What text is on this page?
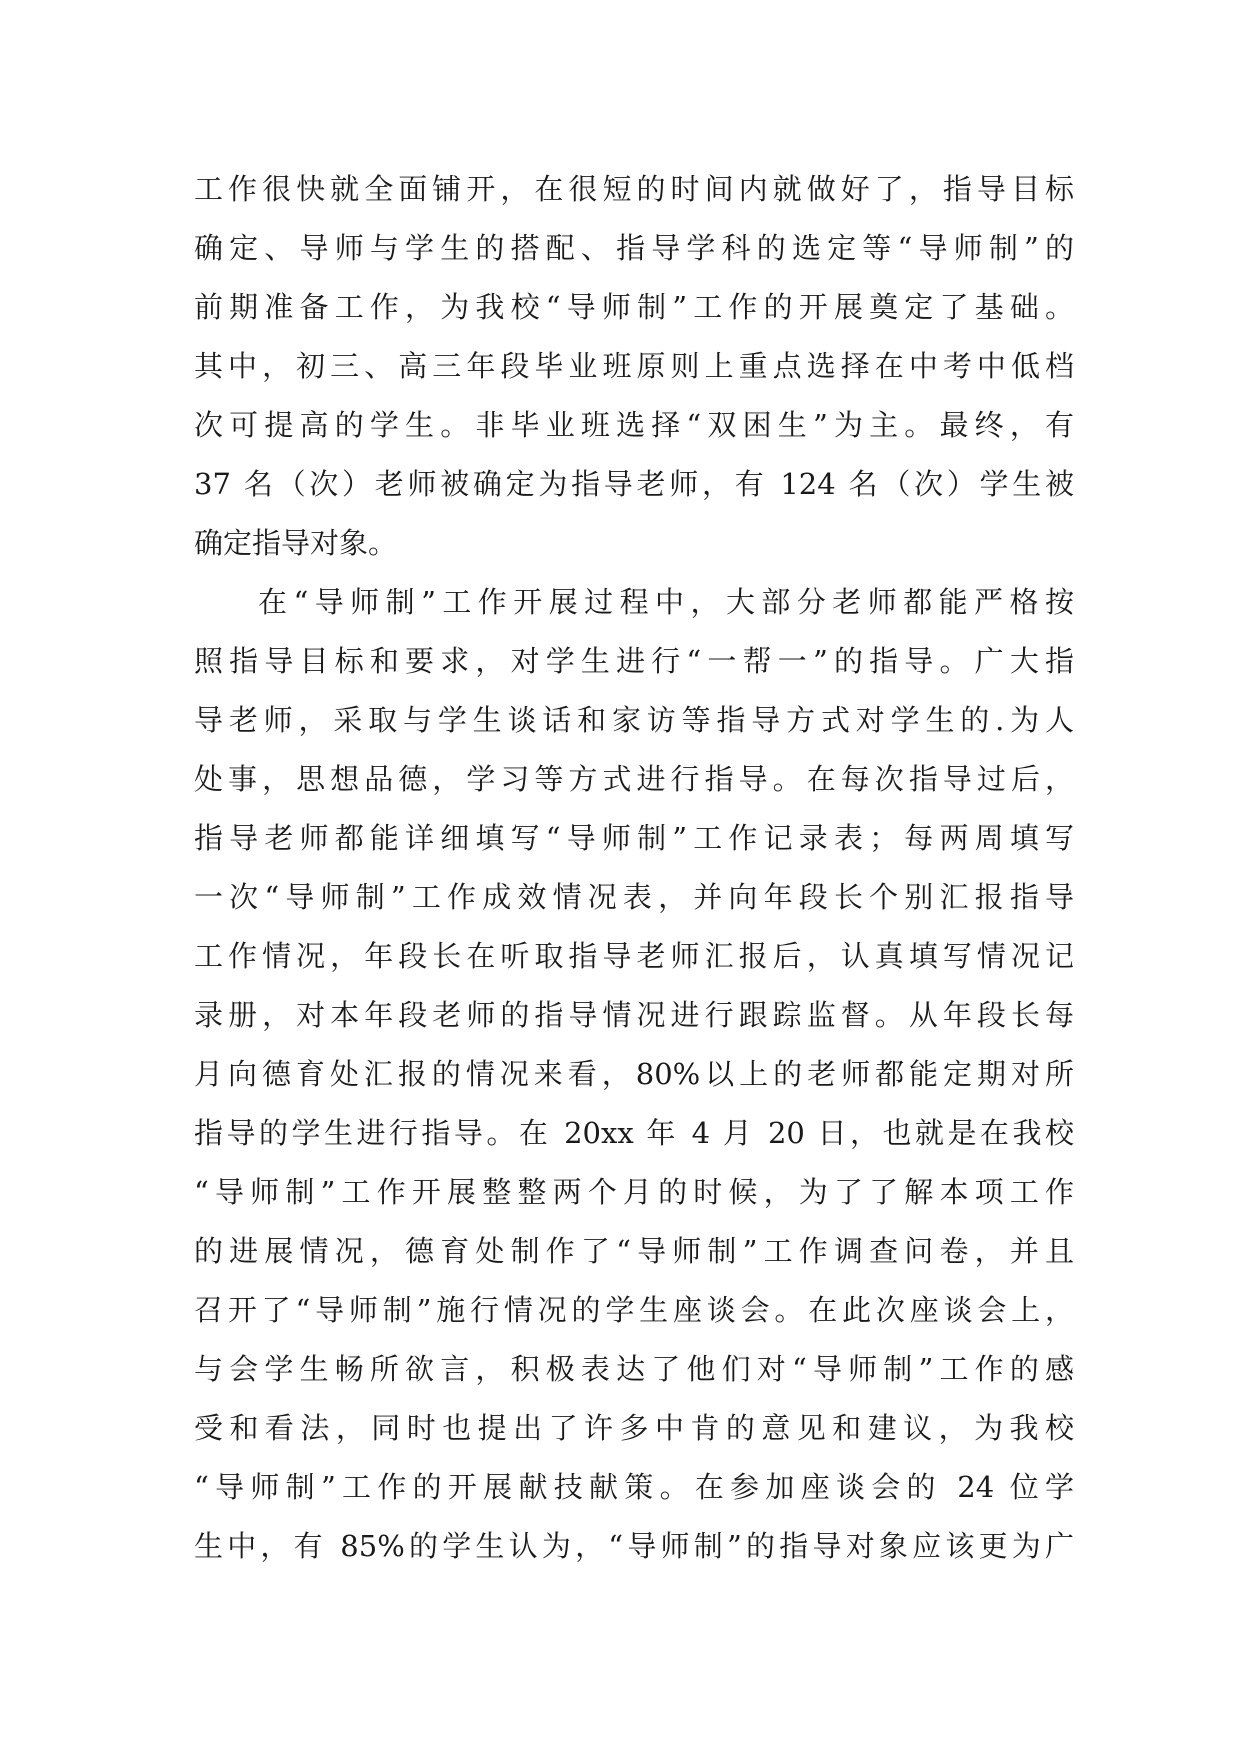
工作很快就全面铺开，在很短的时间内就做好了，指导目标
确定、导师与学生的搭配、指导学科的选定等“导师制”的
前期准备工作，为我校“导师制”工作的开展奠定了基础。
其中，初三、高三年段毕业班原则上重点选择在中考中低档
次可提高的学生。非毕业班选择“双困生”为主。最终，有
37 名（次）老师被确定为指导老师，有 124 名（次）学生被
确定指导对象。
在“导师制”工作开展过程中，大部分老师都能严格按
照指导目标和要求，对学生进行“一帮一”的指导。广大指
导老师，采取与学生谈话和家访等指导方式对学生的.为人
处事，思想品德，学习等方式进行指导。在每次指导过后，
指导老师都能详细填写“导师制”工作记录表；每两周填写
一次“导师制”工作成效情况表，并向年段长个别汇报指导
工作情况，年段长在听取指导老师汇报后，认真填写情况记
录册，对本年段老师的指导情况进行跟踪监督。从年段长每
月向德育处汇报的情况来看，80%以上的老师都能定期对所
指导的学生进行指导。在 20xx 年 4 月 20 日，也就是在我校
“导师制”工作开展整整两个月的时候，为了了解本项工作
的进展情况，德育处制作了“导师制”工作调查问卷，并且
召开了“导师制”施行情况的学生座谈会。在此次座谈会上，
与会学生畅所欲言，积极表达了他们对“导师制”工作的感
受和看法，同时也提出了许多中肯的意见和建议，为我校
“导师制”工作的开展献技献策。在参加座谈会的 24 位学
生中，有 85%的学生认为，“导师制”的指导对象应该更为广
